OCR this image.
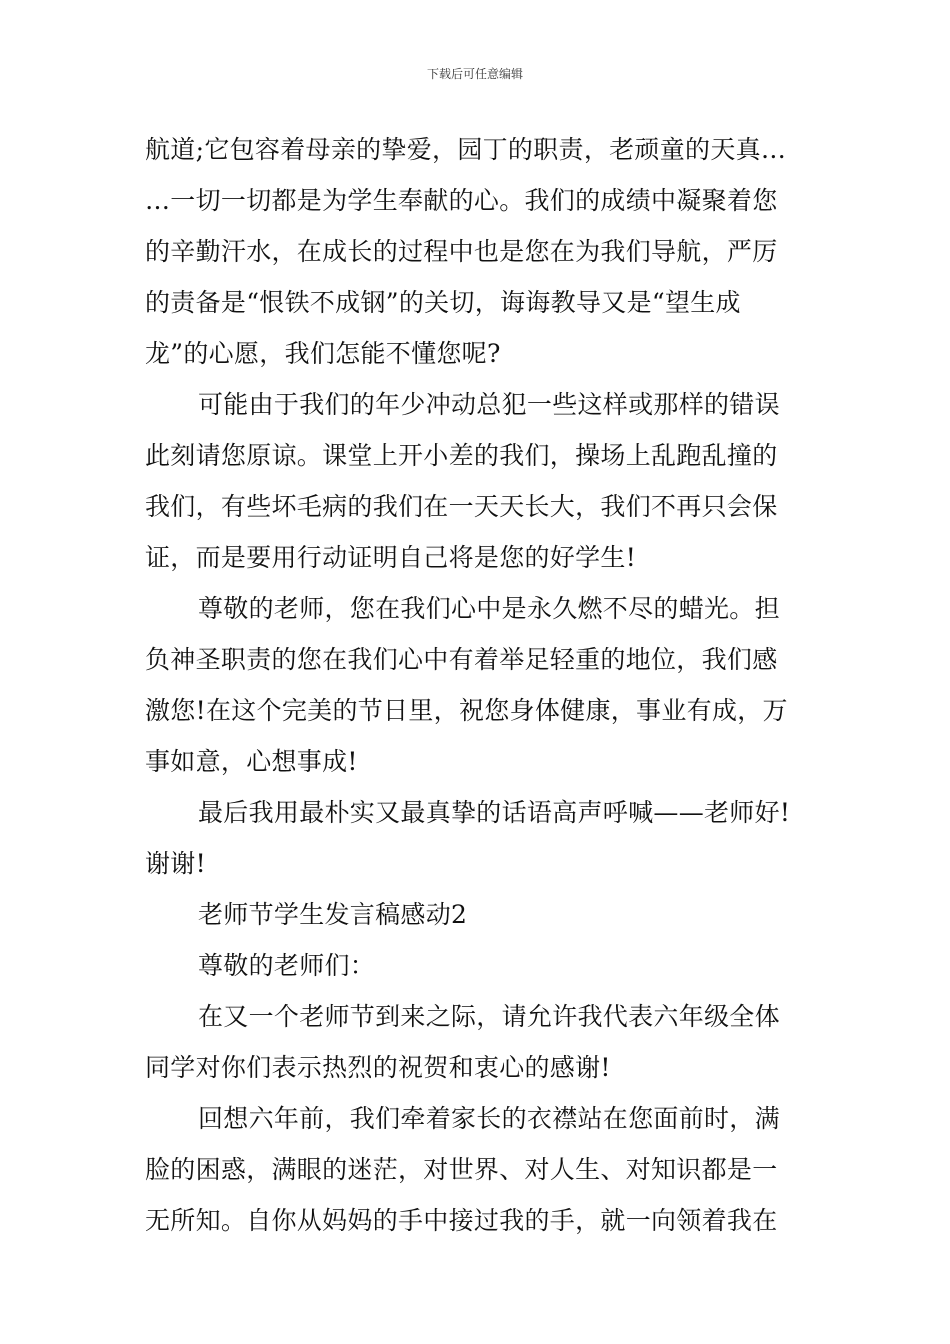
下载后可任意编辑
航道;它包容着母亲的挚爱，园丁的职责，老顽童的天真…
…一切一切都是为学生奉献的心。我们的成绩中凝聚着您
的辛勤汗水，在成长的过程中也是您在为我们导航，严厉
的责备是“恨铁不成钢”的关切，诲诲教导又是“望生成
龙”的心愿，我们怎能不懂您呢?
可能由于我们的年少冲动总犯一些这样或那样的错误
此刻请您原谅。课堂上开小差的我们，操场上乱跑乱撞的
我们，有些坏毛病的我们在一天天长大，我们不再只会保
证，而是要用行动证明自己将是您的好学生!
尊敬的老师，您在我们心中是永久燃不尽的蜡光。担
负神圣职责的您在我们心中有着举足轻重的地位，我们感
激您!在这个完美的节日里，祝您身体健康，事业有成，万
事如意，心想事成!
最后我用最朴实又最真挚的话语高声呼喊——老师好!
谢谢!
老师节学生发言稿感动2
尊敬的老师们：
在又一个老师节到来之际，请允许我代表六年级全体
同学对你们表示热烈的祝贺和衷心的感谢!
回想六年前，我们牵着家长的衣襟站在您面前时，满
脸的困惑，满眼的迷茫，对世界、对人生、对知识都是一
无所知。自你从妈妈的手中接过我的手，就一向领着我在
